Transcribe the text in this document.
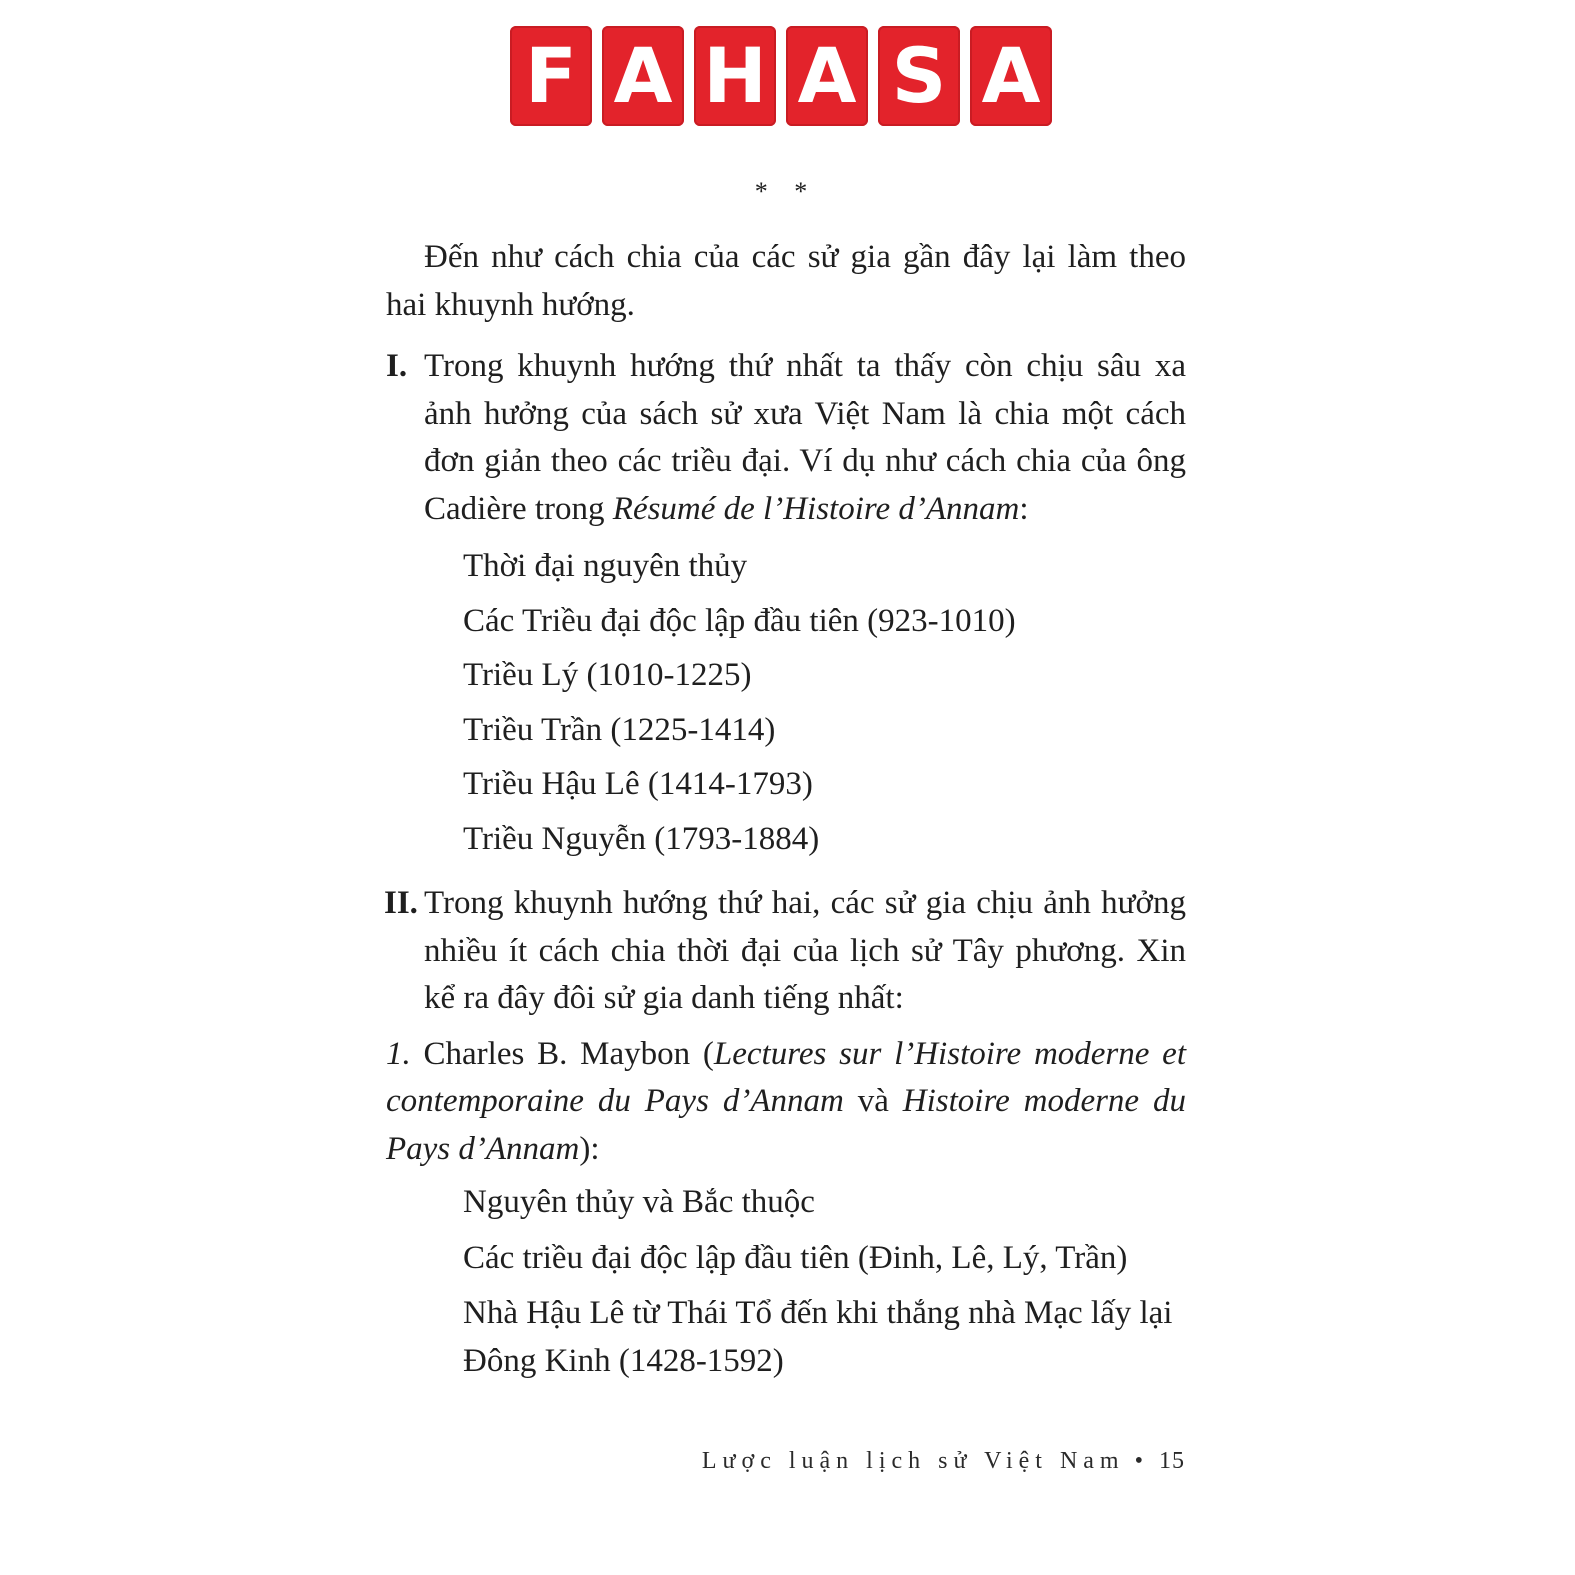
F A H A S A
* *

Đến như cách chia của các sử gia gần đây lại làm theo hai khuynh hướng.

I. Trong khuynh hướng thứ nhất ta thấy còn chịu sâu xa ảnh hưởng của sách sử xưa Việt Nam là chia một cách đơn giản theo các triều đại. Ví dụ như cách chia của ông Cadière trong Résumé de l’Histoire d’Annam:
Thời đại nguyên thủy
Các Triều đại độc lập đầu tiên (923-1010)
Triều Lý (1010-1225)
Triều Trần (1225-1414)
Triều Hậu Lê (1414-1793)
Triều Nguyễn (1793-1884)
II. Trong khuynh hướng thứ hai, các sử gia chịu ảnh hưởng nhiều ít cách chia thời đại của lịch sử Tây phương. Xin kể ra đây đôi sử gia danh tiếng nhất:

1. Charles B. Maybon (Lectures sur l’Histoire moderne et contemporaine du Pays d’Annam và Histoire moderne du Pays d’Annam):

Nguyên thủy và Bắc thuộc
Các triều đại độc lập đầu tiên (Đinh, Lê, Lý, Trần)
Nhà Hậu Lê từ Thái Tổ đến khi thắng nhà Mạc lấy lại Đông Kinh (1428-1592)
Lược luận lịch sử Việt Nam • 15
